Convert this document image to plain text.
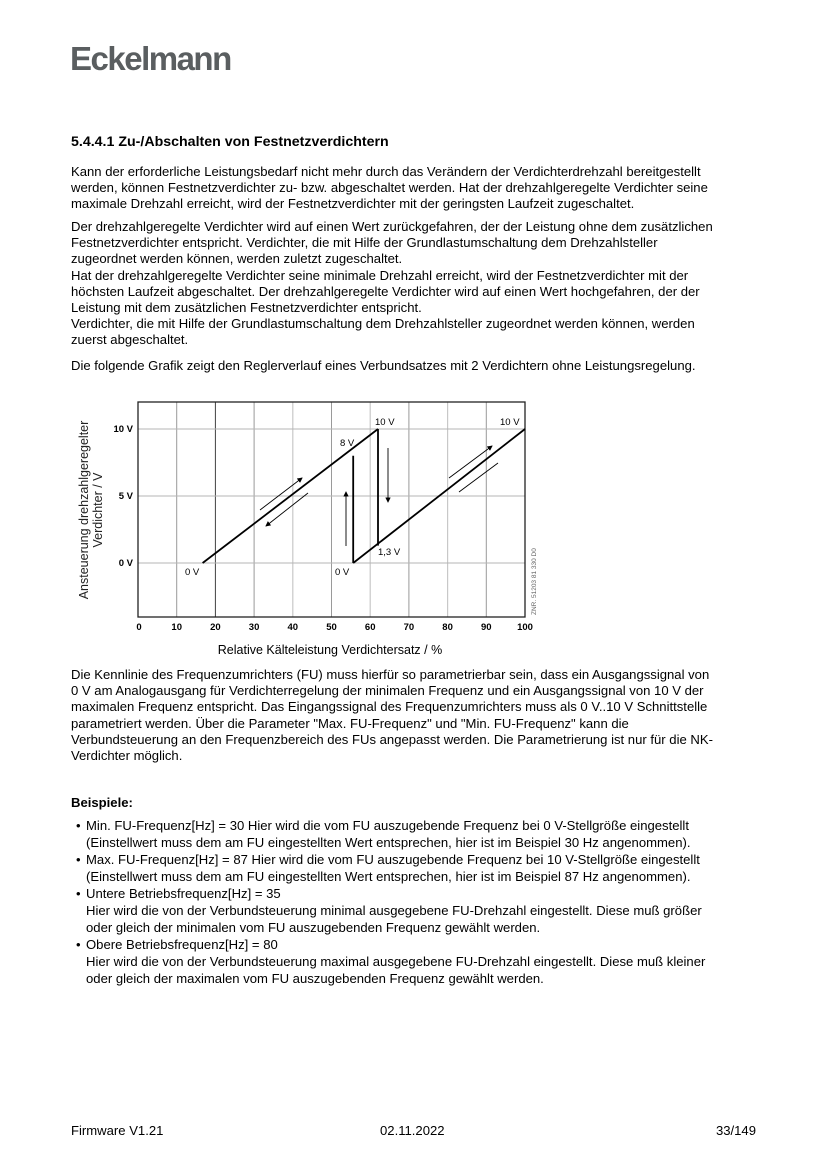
Eckelmann
5.4.4.1 Zu-/Abschalten von Festnetzverdichtern
Kann der erforderliche Leistungsbedarf nicht mehr durch das Verändern der Verdichterdrehzahl bereitgestellt
werden, können Festnetzverdichter zu- bzw. abgeschaltet werden. Hat der drehzahlgeregelte Verdichter seine
maximale Drehzahl erreicht, wird der Festnetzverdichter mit der geringsten Laufzeit zugeschaltet.
Der drehzahlgeregelte Verdichter wird auf einen Wert zurückgefahren, der der Leistung ohne dem zusätzlichen
Festnetzverdichter entspricht. Verdichter, die mit Hilfe der Grundlastumschaltung dem Drehzahlsteller
zugeordnet werden können, werden zuletzt zugeschaltet.
Hat der drehzahlgeregelte Verdichter seine minimale Drehzahl erreicht, wird der Festnetzverdichter mit der
höchsten Laufzeit abgeschaltet. Der drehzahlgeregelte Verdichter wird auf einen Wert hochgefahren, der der
Leistung mit dem zusätzlichen Festnetzverdichter entspricht.
Verdichter, die mit Hilfe der Grundlastumschaltung dem Drehzahlsteller zugeordnet werden können, werden
zuerst abgeschaltet.
Die folgende Grafik zeigt den Reglerverlauf eines Verbundsatzes mit 2 Verdichtern ohne Leistungsregelung.
0 V	0 V
8 V
10 V
1,3 V
10 V
10 V
5 V
0 V
0	10	20	30	40	50	60	70	80	90	100
Relative Kälteleistung Verdichtersatz / %
Ansteuerung drehzahlgeregelter Verdichter / V
ZNR. 51203 81 330 D0
Die Kennlinie des Frequenzumrichters (FU) muss hierfür so parametrierbar sein, dass ein Ausgangssignal von
0 V am Analogausgang für Verdichterregelung der minimalen Frequenz und ein Ausgangssignal von 10 V der
maximalen Frequenz entspricht. Das Eingangssignal des Frequenzumrichters muss als 0 V..10 V Schnittstelle
parametriert werden. Über die Parameter "Max. FU-Frequenz" und "Min. FU-Frequenz" kann die
Verbundsteuerung an den Frequenzbereich des FUs angepasst werden. Die Parametrierung ist nur für die NK-
Verdichter möglich.
Beispiele:
• Min. FU-Frequenz[Hz] = 30 Hier wird die vom FU auszugebende Frequenz bei 0 V-Stellgröße eingestellt
(Einstellwert muss dem am FU eingestellten Wert entsprechen, hier ist im Beispiel 30 Hz angenommen).
• Max. FU-Frequenz[Hz] = 87 Hier wird die vom FU auszugebende Frequenz bei 10 V-Stellgröße eingestellt
(Einstellwert muss dem am FU eingestellten Wert entsprechen, hier ist im Beispiel 87 Hz angenommen).
• Untere Betriebsfrequenz[Hz] = 35
Hier wird die von der Verbundsteuerung minimal ausgegebene FU-Drehzahl eingestellt. Diese muß größer
oder gleich der minimalen vom FU auszugebenden Frequenz gewählt werden.
• Obere Betriebsfrequenz[Hz] = 80
Hier wird die von der Verbundsteuerung maximal ausgegebene FU-Drehzahl eingestellt. Diese muß kleiner
oder gleich der maximalen vom FU auszugebenden Frequenz gewählt werden.
Firmware V1.21	02.11.2022	33/149
